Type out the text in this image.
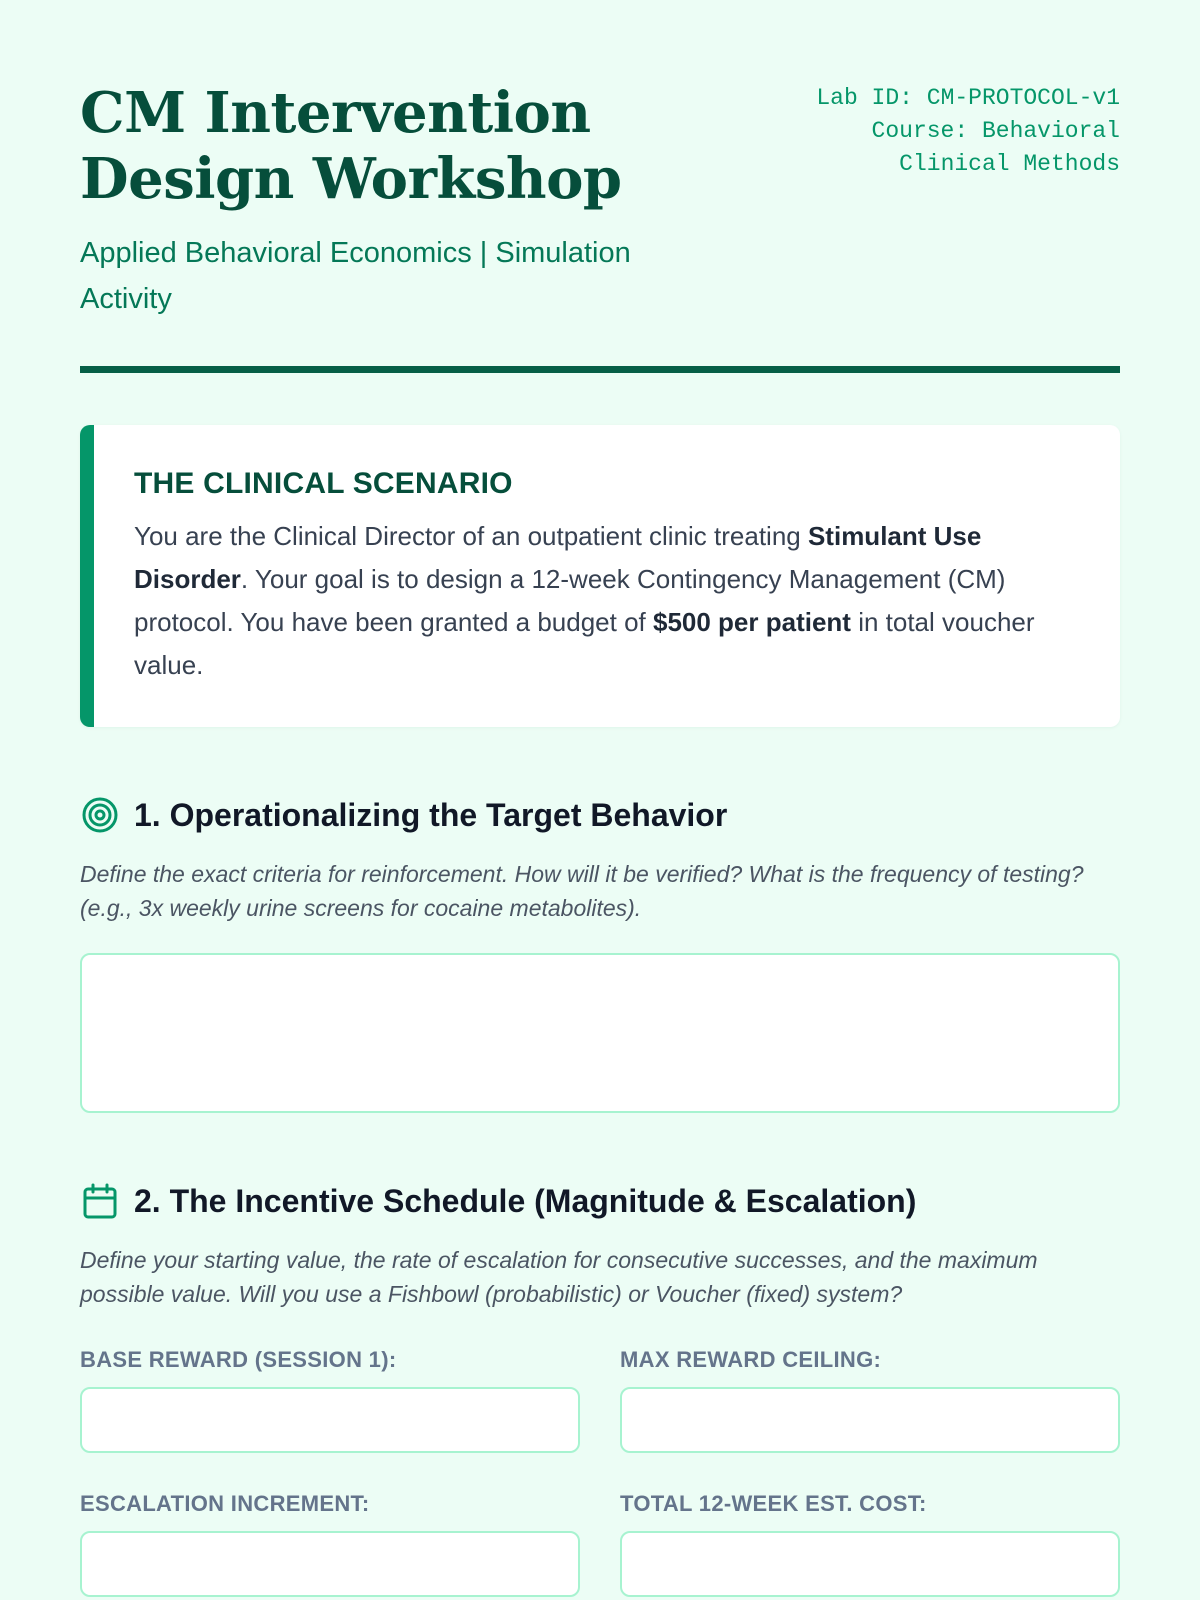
CM Intervention Design Workshop
Applied Behavioral Economics | Simulation Activity
Lab ID: CM-PROTOCOL-v1
Course: Behavioral Clinical Methods
THE CLINICAL SCENARIO

You are the Clinical Director of an outpatient clinic treating Stimulant Use Disorder. Your goal is to design a 12-week Contingency Management (CM) protocol. You have been granted a budget of $500 per patient in total voucher value.

1. Operationalizing the Target Behavior

Define the exact criteria for reinforcement. How will it be verified? What is the frequency of testing? (e.g., 3x weekly urine screens for cocaine metabolites).

2. The Incentive Schedule (Magnitude & Escalation)

Define your starting value, the rate of escalation for consecutive successes, and the maximum possible value. Will you use a Fishbowl (probabilistic) or Voucher (fixed) system?

BASE REWARD (SESSION 1):	MAX REWARD CEILING:
ESCALATION INCREMENT:	TOTAL 12-WEEK EST. COST:
